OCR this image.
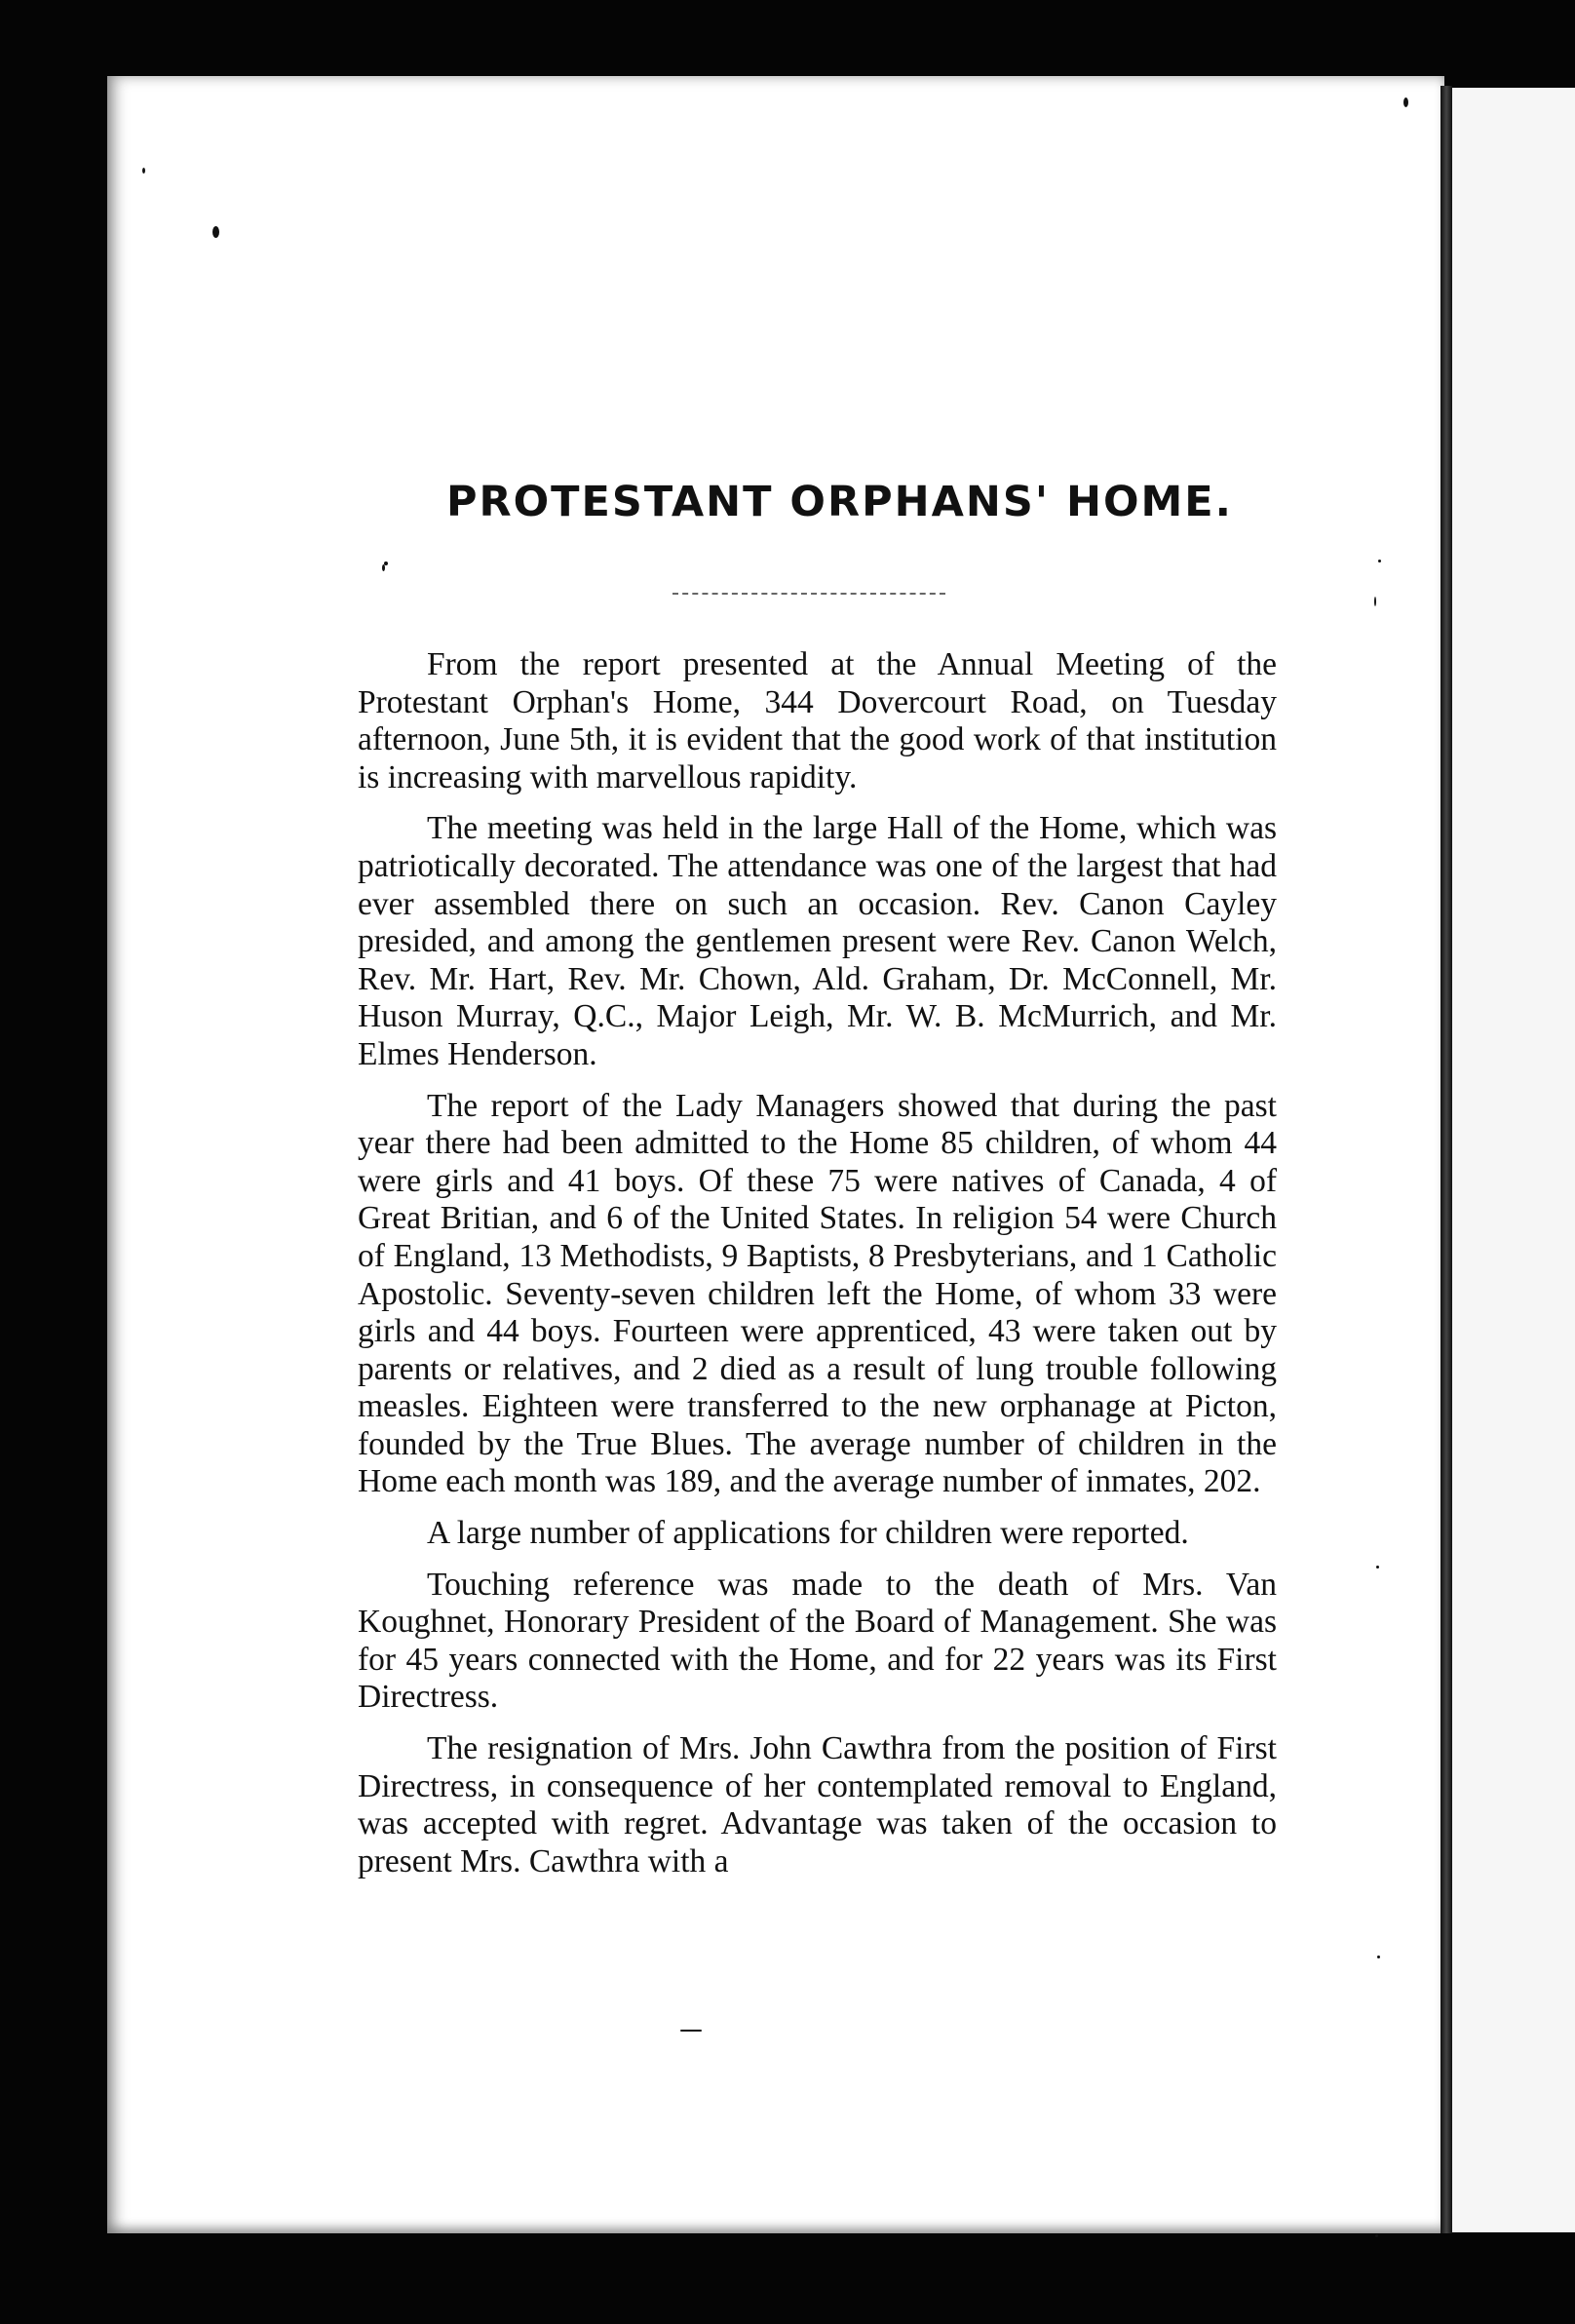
PROTESTANT ORPHANS' HOME.

From the report presented at the Annual Meeting of the Protestant Orphan's Home, 344 Dovercourt Road, on Tuesday afternoon, June 5th, it is evident that the good work of that institution is increasing with marvellous rapidity.

The meeting was held in the large Hall of the Home, which was patriotically decorated. The attendance was one of the largest that had ever assembled there on such an occasion. Rev. Canon Cayley presided, and among the gentlemen present were Rev. Canon Welch, Rev. Mr. Hart, Rev. Mr. Chown, Ald. Graham, Dr. McConnell, Mr. Huson Murray, Q.C., Major Leigh, Mr. W. B. McMurrich, and Mr. Elmes Henderson.

The report of the Lady Managers showed that during the past year there had been admitted to the Home 85 children, of whom 44 were girls and 41 boys. Of these 75 were natives of Canada, 4 of Great Britian, and 6 of the United States. In religion 54 were Church of England, 13 Methodists, 9 Baptists, 8 Presbyterians, and 1 Catholic Apostolic. Seventy-seven children left the Home, of whom 33 were girls and 44 boys. Fourteen were apprenticed, 43 were taken out by parents or relatives, and 2 died as a result of lung trouble following measles. Eighteen were transferred to the new orphanage at Picton, founded by the True Blues. The average number of children in the Home each month was 189, and the average number of inmates, 202.

A large number of applications for children were reported.

Touching reference was made to the death of Mrs. Van Koughnet, Honorary President of the Board of Management. She was for 45 years connected with the Home, and for 22 years was its First Directress.

The resignation of Mrs. John Cawthra from the position of First Directress, in consequence of her contemplated removal to England, was accepted with regret. Advantage was taken of the occasion to present Mrs. Cawthra with a
